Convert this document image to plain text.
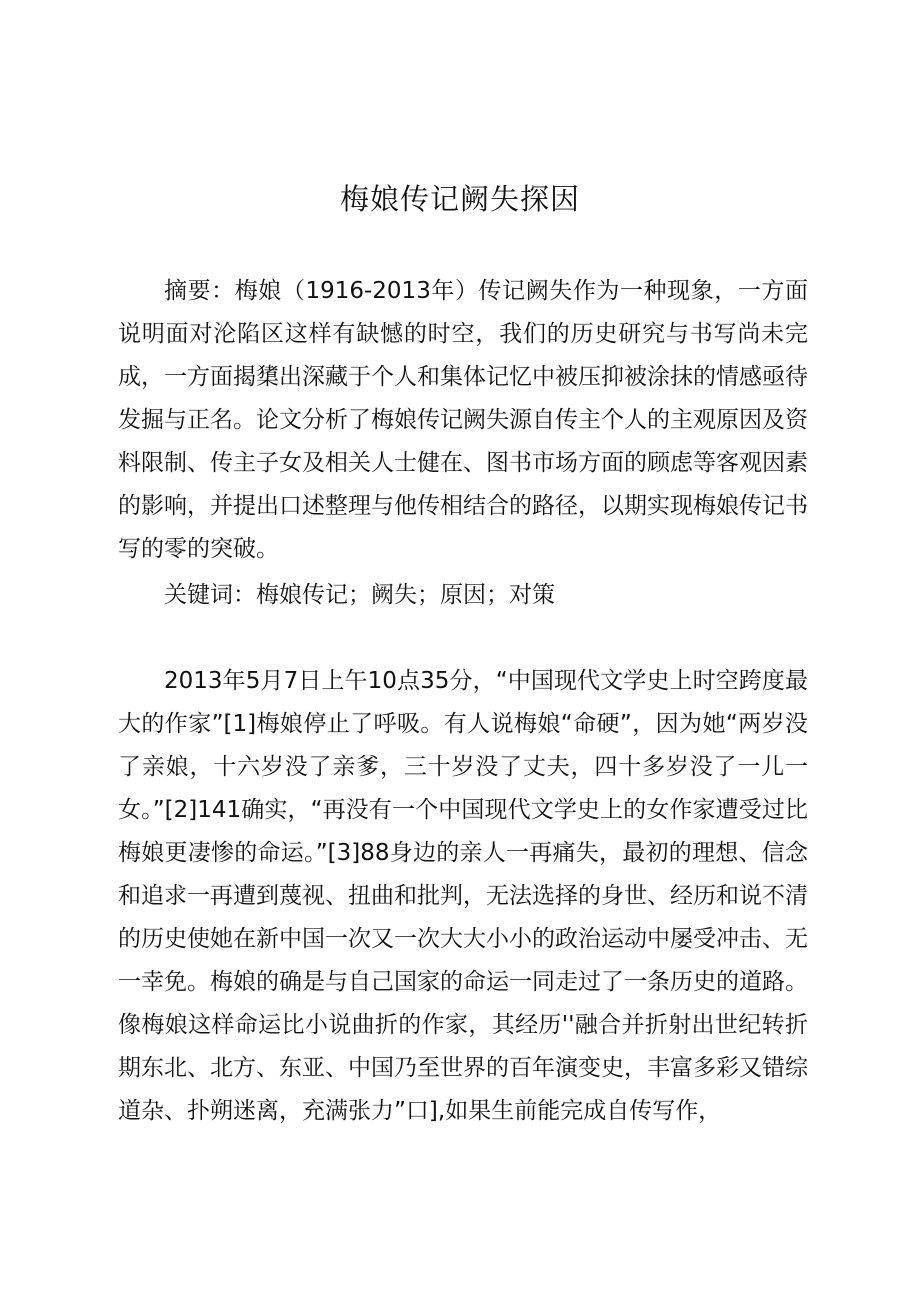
梅娘传记阙失探因

摘要：梅娘（1916-2013年）传记阙失作为一种现象，一方面说明面对沦陷区这样有缺憾的时空，我们的历史研究与书写尚未完成，一方面揭橥出深藏于个人和集体记忆中被压抑被涂抹的情感亟待发掘与正名。论文分析了梅娘传记阙失源自传主个人的主观原因及资料限制、传主子女及相关人士健在、图书市场方面的顾虑等客观因素的影响，并提出口述整理与他传相结合的路径，以期实现梅娘传记书写的零的突破。

关键词：梅娘传记；阙失；原因；对策

2013年5月7日上午10点35分，“中国现代文学史上时空跨度最大的作家”[1]梅娘停止了呼吸。有人说梅娘“命硬”，因为她“两岁没了亲娘，十六岁没了亲爹，三十岁没了丈夫，四十多岁没了一儿一女。”[2]141确实，“再没有一个中国现代文学史上的女作家遭受过比梅娘更凄惨的命运。”[3]88身边的亲人一再痛失，最初的理想、信念和追求一再遭到蔑视、扭曲和批判，无法选择的身世、经历和说不清的历史使她在新中国一次又一次大大小小的政治运动中屡受冲击、无一幸免。梅娘的确是与自己国家的命运一同走过了一条历史的道路。像梅娘这样命运比小说曲折的作家，其经历''融合并折射出世纪转折期东北、北方、东亚、中国乃至世界的百年演变史，丰富多彩又错综道杂、扑朔迷离，充满张力”口],如果生前能完成自传写作，
